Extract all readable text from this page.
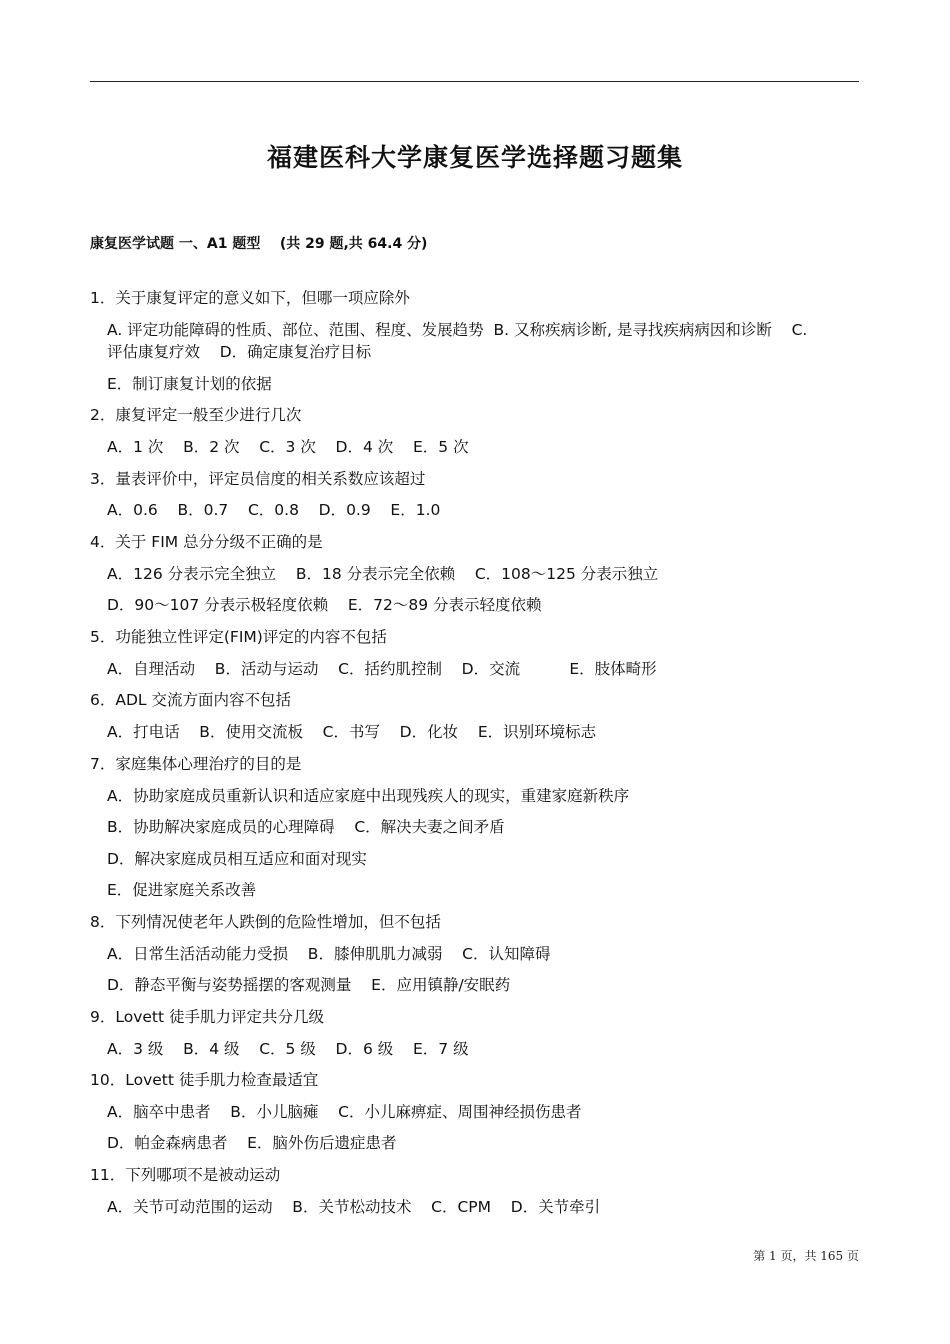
福建医科大学康复医学选择题习题集
康复医学试题 一、A1 题型    (共 29 题,共 64.4 分)
1．关于康复评定的意义如下，但哪一项应除外
A. 评定功能障碍的性质、部位、范围、程度、发展趋势  B. 又称疾病诊断, 是寻找疾病病因和诊断    C.
评估康复疗效    D．确定康复治疗目标
E．制订康复计划的依据
2．康复评定一般至少进行几次
A．1 次    B．2 次    C．3 次    D．4 次    E．5 次
3．量表评价中，评定员信度的相关系数应该超过
A．0.6    B．0.7    C．0.8    D．0.9    E．1.0
4．关于 FIM 总分分级不正确的是
A．126 分表示完全独立    B．18 分表示完全依赖    C．108～125 分表示独立
D．90～107 分表示极轻度依赖    E．72～89 分表示轻度依赖
5．功能独立性评定(FIM)评定的内容不包括
A．自理活动    B．活动与运动    C．括约肌控制    D．交流          E．肢体畸形
6．ADL 交流方面内容不包括
A．打电话    B．使用交流板    C．书写    D．化妆    E．识别环境标志
7．家庭集体心理治疗的目的是
A．协助家庭成员重新认识和适应家庭中出现残疾人的现实，重建家庭新秩序
B．协助解决家庭成员的心理障碍    C．解决夫妻之间矛盾
D．解决家庭成员相互适应和面对现实
E．促进家庭关系改善
8．下列情况使老年人跌倒的危险性增加，但不包括
A．日常生活活动能力受损    B．膝伸肌肌力减弱    C．认知障碍
D．静态平衡与姿势摇摆的客观测量    E．应用镇静/安眠药
9．Lovett 徒手肌力评定共分几级
A．3 级    B．4 级    C．5 级    D．6 级    E．7 级
10．Lovett 徒手肌力检查最适宜
A．脑卒中患者    B．小儿脑瘫    C．小儿麻痹症、周围神经损伤患者
D．帕金森病患者    E．脑外伤后遗症患者
11．下列哪项不是被动运动
A．关节可动范围的运动    B．关节松动技术    C．CPM    D．关节牵引
第 1 页，共 165 页
